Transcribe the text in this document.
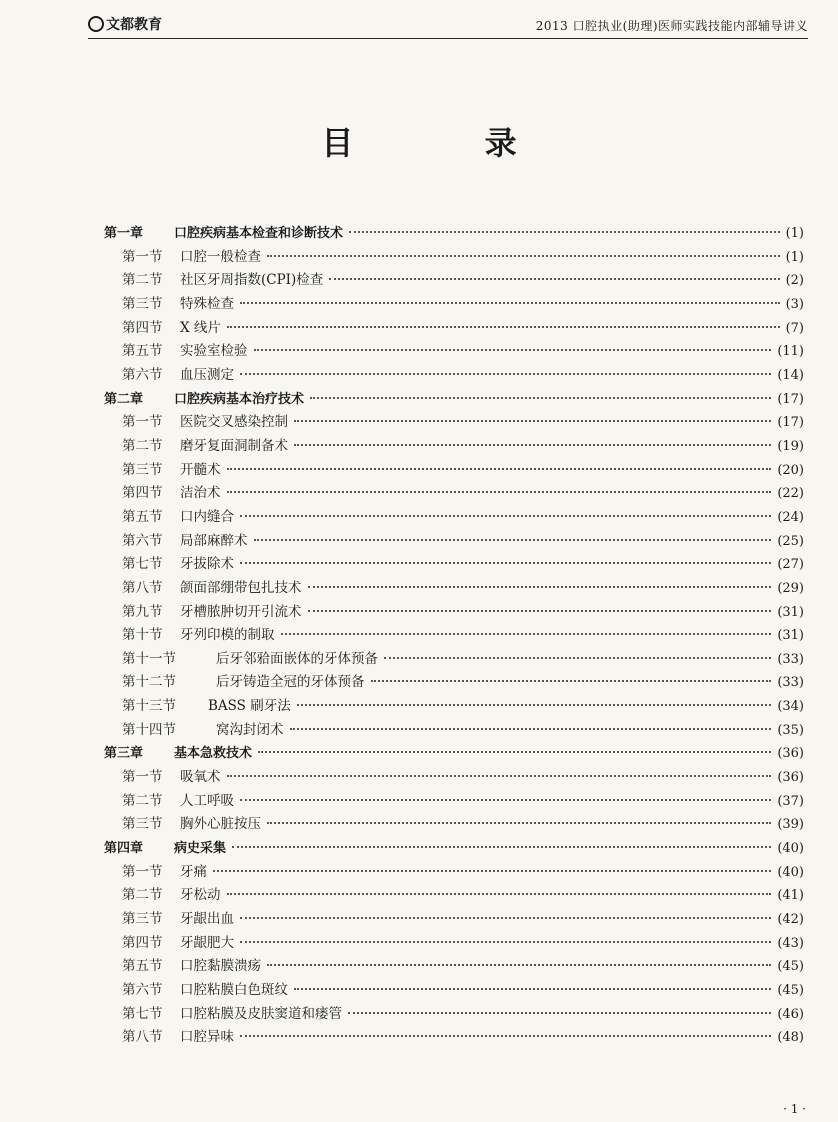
文都教育	2013 口腔执业(助理)医师实践技能内部辅导讲义
目 录
第一章	口腔疾病基本检查和诊断技术	(1)
第一节	口腔一般检查	(1)
第二节	社区牙周指数(CPI)检查	(2)
第三节	特殊检查	(3)
第四节	X 线片	(7)
第五节	实验室检验	(11)
第六节	血压测定	(14)
第二章	口腔疾病基本治疗技术	(17)
第一节	医院交叉感染控制	(17)
第二节	磨牙复面洞制备术	(19)
第三节	开髓术	(20)
第四节	洁治术	(22)
第五节	口内缝合	(24)
第六节	局部麻醉术	(25)
第七节	牙拔除术	(27)
第八节	颌面部绷带包扎技术	(29)
第九节	牙槽脓肿切开引流术	(31)
第十节	牙列印模的制取	(31)
第十一节	后牙邻𬌗面嵌体的牙体预备	(33)
第十二节	后牙铸造全冠的牙体预备	(33)
第十三节	BASS 刷牙法	(34)
第十四节	窝沟封闭术	(35)
第三章	基本急救技术	(36)
第一节	吸氧术	(36)
第二节	人工呼吸	(37)
第三节	胸外心脏按压	(39)
第四章	病史采集	(40)
第一节	牙痛	(40)
第二节	牙松动	(41)
第三节	牙龈出血	(42)
第四节	牙龈肥大	(43)
第五节	口腔黏膜溃疡	(45)
第六节	口腔粘膜白色斑纹	(45)
第七节	口腔粘膜及皮肤窦道和瘘管	(46)
第八节	口腔异味	(48)
· 1 ·
